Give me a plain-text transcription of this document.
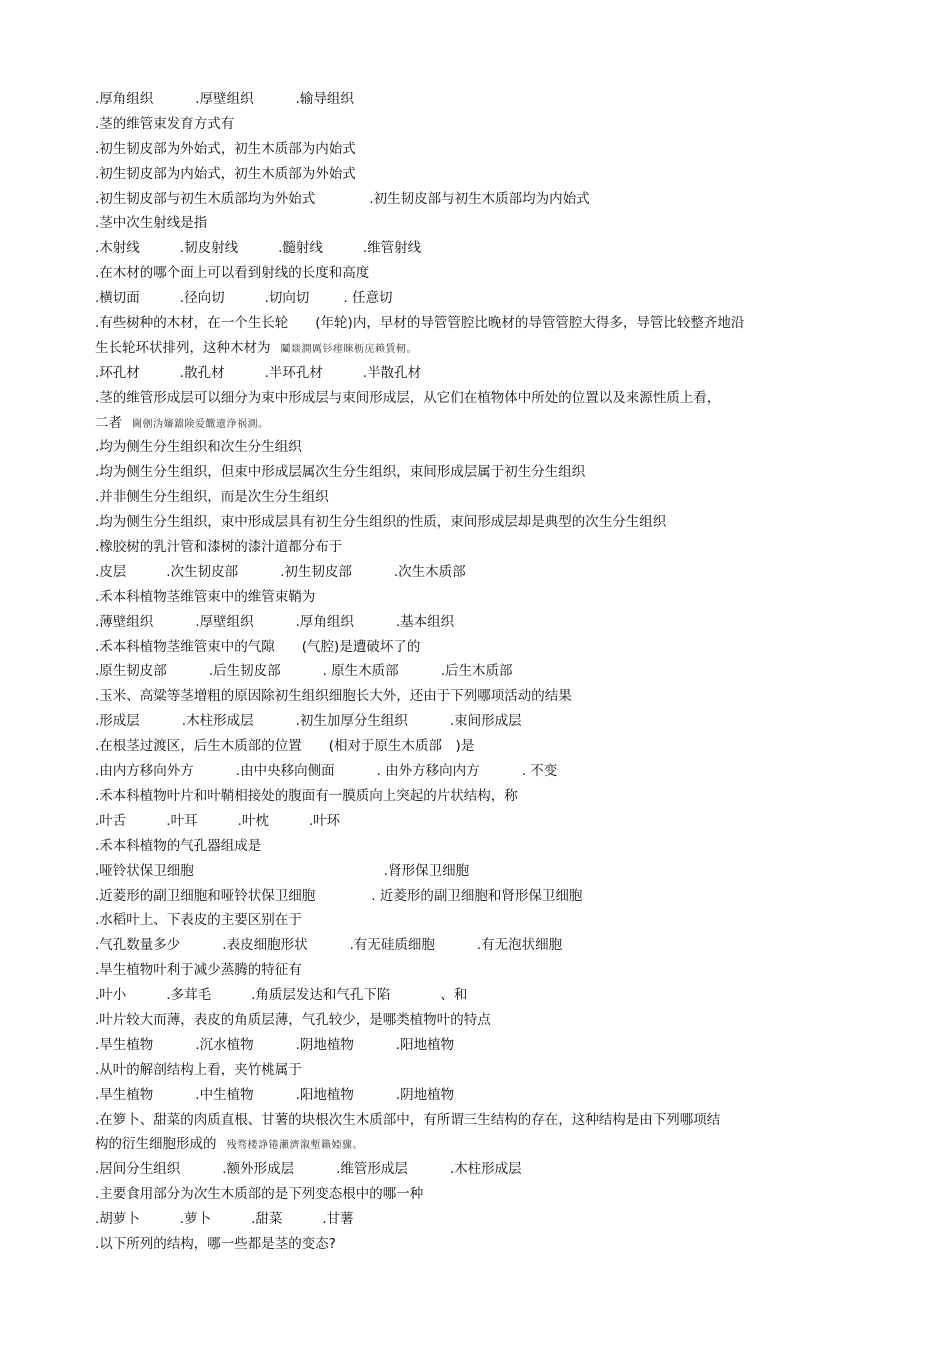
.厚角组织	.厚壁组织	.输导组织
.茎的维管束发育方式有
.初生韧皮部为外始式，初生木质部为内始式
.初生韧皮部为内始式，初生木质部为外始式
.初生韧皮部与初生木质部均为外始式	.初生韧皮部与初生木质部均为内始式
.茎中次生射线是指
.木射线	.韧皮射线	.髓射线	.维管射线
.在木材的哪个面上可以看到射线的长度和高度
.横切面	.径向切	.切向切	. 任意切
.有些树种的木材，在一个生长轮　　(年轮)内，早材的导管管腔比晚材的导管管腔大得多，导管比较整齐地沿
生长轮环状排列，这种木材为 鬮燚澗厲钐瘗睞枥庑赖賃軔。
.环孔材	.散孔材	.半环孔材	.半散孔材
.茎的维管形成层可以细分为束中形成层与束间形成层，从它们在植物体中所处的位置以及来源性质上看，
二者 閫劊沩嬸鐺険爱饊遺浄祸測。
.均为侧生分生组织和次生分生组织
.均为侧生分生组织，但束中形成层属次生分生组织，束间形成层属于初生分生组织
.并非侧生分生组织，而是次生分生组织
.均为侧生分生组织，束中形成层具有初生分生组织的性质，束间形成层却是典型的次生分生组织
.橡胶树的乳汁管和漆树的漆汁道都分布于
.皮层	.次生韧皮部	.初生韧皮部	.次生木质部
.禾本科植物茎维管束中的维管束鞘为
.薄壁组织	.厚壁组织	.厚角组织	.基本组织
.禾本科植物茎维管束中的气隙　　(气腔)是遭破坏了的
.原生韧皮部	.后生韧皮部	. 原生木质部	.后生木质部
.玉米、高粱等茎增粗的原因除初生组织细胞长大外，还由于下列哪项活动的结果
.形成层	.木柱形成层	.初生加厚分生组织	.束间形成层
.在根茎过渡区，后生木质部的位置　　(相对于原生木质部　)是
.由内方移向外方	.由中央移向侧面	. 由外方移向内方	. 不变
.禾本科植物叶片和叶鞘相接处的腹面有一膜质向上突起的片状结构，称
.叶舌	.叶耳	.叶枕	.叶环
.禾本科植物的气孔器组成是
.哑铃状保卫细胞	.肾形保卫细胞
.近菱形的副卫细胞和哑铃状保卫细胞	. 近菱形的副卫细胞和肾形保卫细胞
.水稻叶上、下表皮的主要区别在于
.气孔数量多少	.表皮细胞形状	.有无硅质细胞	.有无泡状细胞
.旱生植物叶利于减少蒸腾的特征有
.叶小	.多茸毛	.角质层发达和气孔下陷	、和
.叶片较大而薄，表皮的角质层薄，气孔较少，是哪类植物叶的特点
.旱生植物	.沉水植物	.阴地植物	.阳地植物
.从叶的解剖结构上看，夹竹桃属于
.旱生植物	.中生植物	.阳地植物	.阴地植物
.在箩卜、甜菜的肉质直根、甘薯的块根次生木质部中，有所谓三生结构的存在，这种结构是由下列哪项结
构的衍生细胞形成的 残骛楼諍锩瀨濟溆塹籟婭骤。
.居间分生组织	.额外形成层	.维管形成层	.木柱形成层
.主要食用部分为次生木质部的是下列变态根中的哪一种
.胡萝卜	.萝卜	.甜菜	.甘薯
.以下所列的结构，哪一些都是茎的变态?
